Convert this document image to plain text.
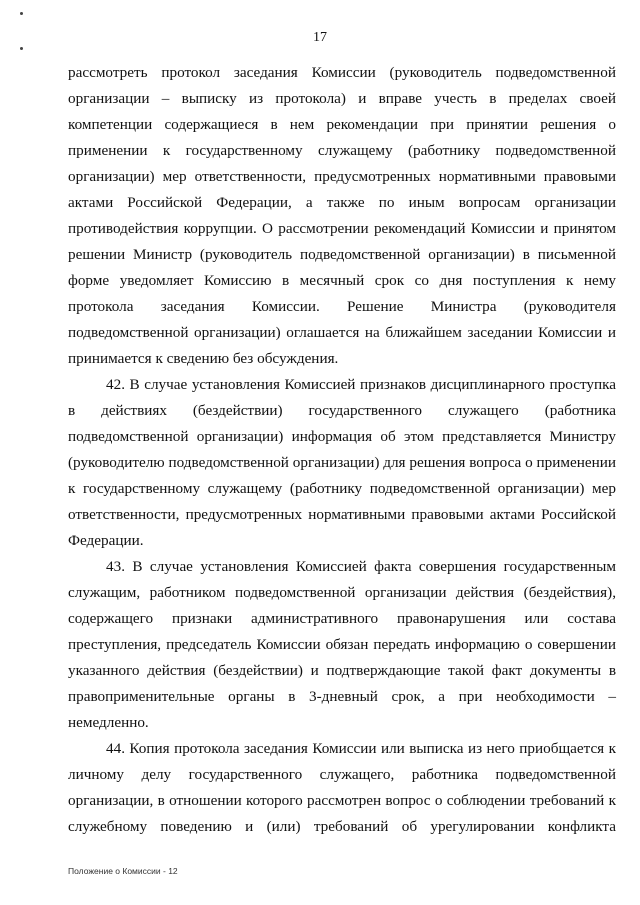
17

рассмотреть протокол заседания Комиссии (руководитель подведомственной организации – выписку из протокола) и вправе учесть в пределах своей компетенции содержащиеся в нем рекомендации при принятии решения о применении к государственному служащему (работнику подведомственной организации) мер ответственности, предусмотренных нормативными правовыми актами Российской Федерации, а также по иным вопросам организации противодействия коррупции. О рассмотрении рекомендаций Комиссии и принятом решении Министр (руководитель подведомственной организации) в письменной форме уведомляет Комиссию в месячный срок со дня поступления к нему протокола заседания Комиссии. Решение Министра (руководителя подведомственной организации) оглашается на ближайшем заседании Комиссии и принимается к сведению без обсуждения.

42. В случае установления Комиссией признаков дисциплинарного проступка в действиях (бездействии) государственного служащего (работника подведомственной организации) информация об этом представляется Министру (руководителю подведомственной организации) для решения вопроса о применении к государственному служащему (работнику подведомственной организации) мер ответственности, предусмотренных нормативными правовыми актами Российской Федерации.

43. В случае установления Комиссией факта совершения государственным служащим, работником подведомственной организации действия (бездействия), содержащего признаки административного правонарушения или состава преступления, председатель Комиссии обязан передать информацию о совершении указанного действия (бездействии) и подтверждающие такой факт документы в правоприменительные органы в 3-дневный срок, а при необходимости – немедленно.

44. Копия протокола заседания Комиссии или выписка из него приобщается к личному делу государственного служащего, работника подведомственной организации, в отношении которого рассмотрен вопрос о соблюдении требований к служебному поведению и (или) требований об урегулировании конфликта

Положение о Комиссии - 12
